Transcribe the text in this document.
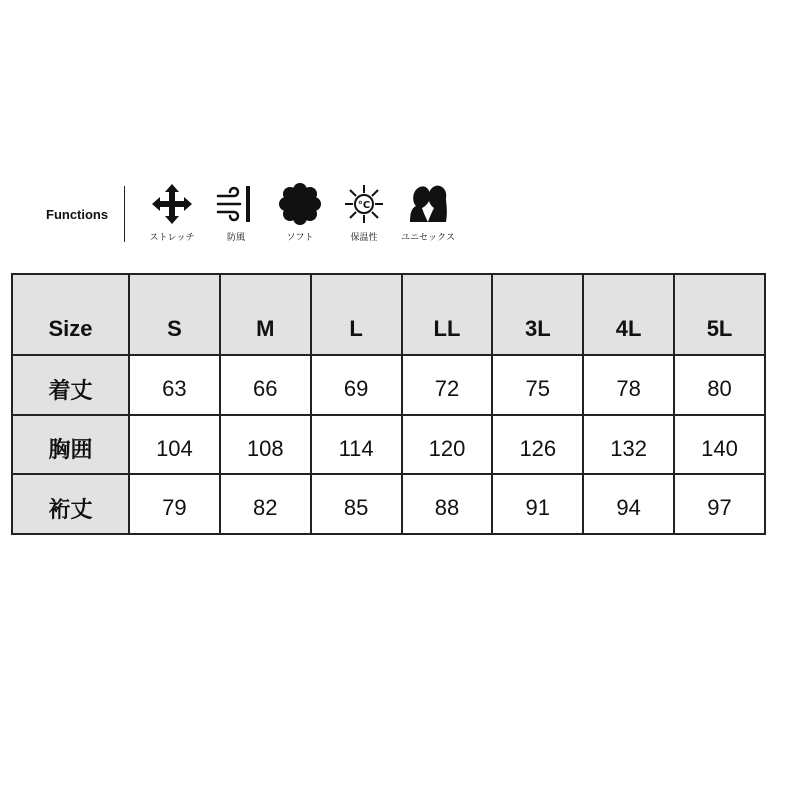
Functions
ストレッチ	防風	ソフト
°C
保温性	ユニセックス
Size	S	M	L	LL	3L	4L	5L
着丈	63	66	69	72	75	78	80
胸囲	104	108	114	120	126	132	140
裄丈	79	82	85	88	91	94	97
